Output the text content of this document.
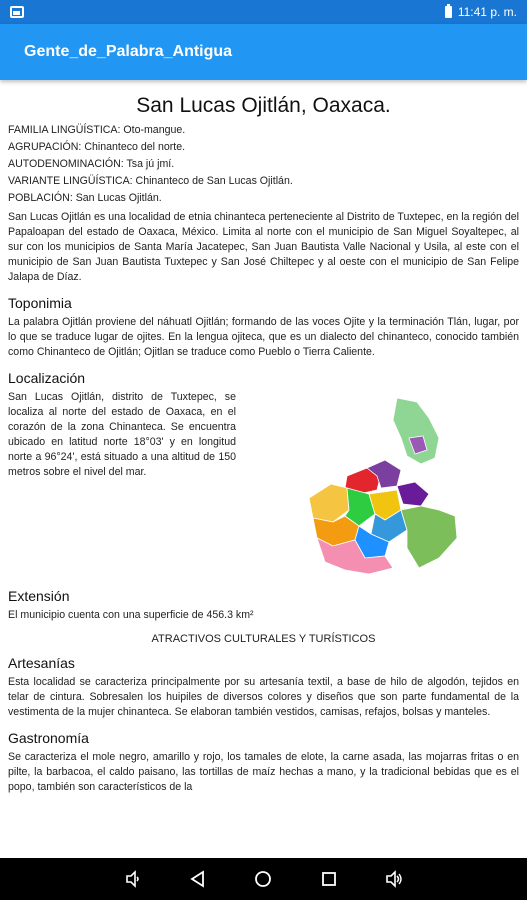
11:41 p. m.
Gente_de_Palabra_Antigua
San Lucas Ojitlán, Oaxaca.
FAMILIA LINGÜÍSTICA: Oto-mangue.
AGRUPACIÓN: Chinanteco del norte.
AUTODENOMINACIÓN: Tsa jú jmí.
VARIANTE LINGÜÍSTICA: Chinanteco de San Lucas Ojitlán.
POBLACIÓN: San Lucas Ojitlán.

San Lucas Ojitlán es una localidad de etnia chinanteca perteneciente al Distrito de Tuxtepec, en la región del Papaloapan del estado de Oaxaca, México. Limita al norte con el municipio de San Miguel Soyaltepec, al sur con los municipios de Santa María Jacatepec, San Juan Bautista Valle Nacional y Usila, al este con el municipio de San Juan Bautista Tuxtepec y San José Chiltepec y al oeste con el municipio de San Felipe Jalapa de Díaz.

Toponimia

La palabra Ojitlán proviene del náhuatl Ojitlán; formando de las voces Ojite y la terminación Tlán, lugar, por lo que se traduce lugar de ojites. En la lengua ojiteca, que es un dialecto del chinanteco, conocido también como Chinanteco de Ojitlán; Ojitlan se traduce como Pueblo o Tierra Caliente.

Localización

San Lucas Ojitlán, distrito de Tuxtepec, se localiza al norte del estado de Oaxaca, en el corazón de la zona Chinanteca. Se encuentra ubicado en latitud norte 18°03' y en longitud norte a 96°24', está situado a una altitud de 150 metros sobre el nivel del mar.

Extensión

El municipio cuenta con una superficie de 456.3 km²

ATRACTIVOS CULTURALES Y TURÍSTICOS
Artesanías

Esta localidad se caracteriza principalmente por su artesanía textil, a base de hilo de algodón, tejidos en telar de cintura. Sobresalen los huipiles de diversos colores y diseños que son parte fundamental de la vestimenta de la mujer chinanteca. Se elaboran también vestidos, camisas, refajos, bolsas y manteles.

Gastronomía

Se caracteriza el mole negro, amarillo y rojo, los tamales de elote, la carne asada, las mojarras fritas o en pilte, la barbacoa, el caldo paisano, las tortillas de maíz hechas a mano, y la tradicional bebidas que es el popo, también son característicos de la
